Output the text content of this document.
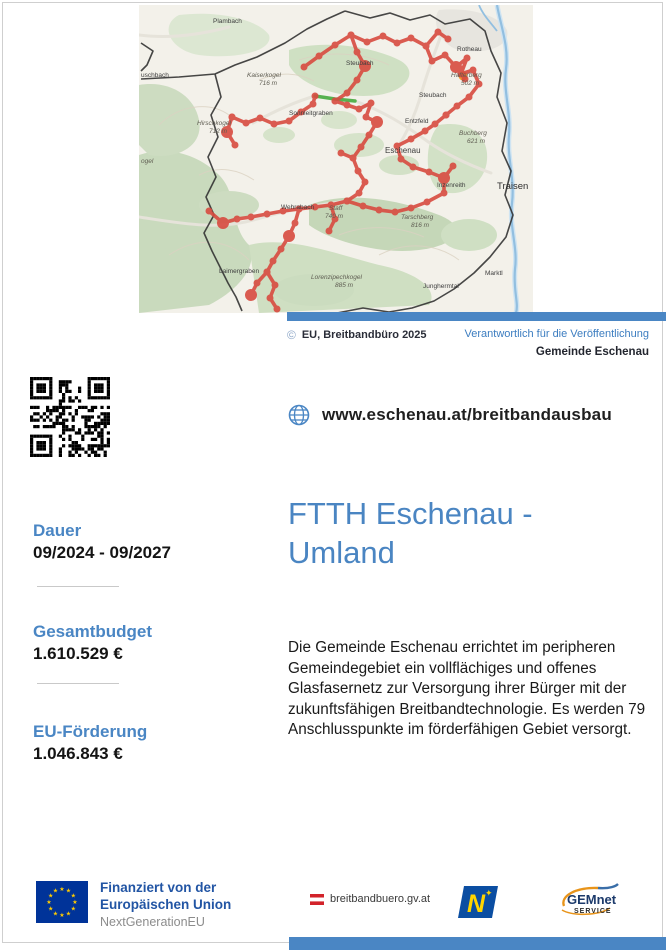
Plambach
Rotheau
Steubach
Hafterberg
502 m
uschbach	Kaiserkogel
716 m
Steubach
Sonnleitgraben
Hirschkogel
712 m
Entzfeld
Buchberg
621 m
Eschenau
ogel
Inzenreith	Traisen
Wehrabach Staff
740 m	Tarschberg
816 m
Laimergraben
Lorenzipechkogel
885 m	Junghermtal
Marktl
© EU, Breitbandbüro 2025	Verantwortlich für die Veröffentlichung
Gemeinde Eschenau
www.eschenau.at/breitbandausbau
Dauer
09/2024 - 09/2027
Gesamtbudget
1.610.529 €
EU-Förderung
1.046.843 €
FTTH Eschenau -
Umland
Die Gemeinde Eschenau errichtet im peripheren Gemeindegebiet ein vollflächiges und offenes Glasfasernetz zur Versorgung ihrer Bürger mit der zukunftsfähigen Breitbandtechnologie. Es werden 79 Anschlusspunkte im förderfähigen Gebiet versorgt.
★ ★
★
★
★
★
★
★
★
★
★
★	Finanziert von der
Europäischen Union
NextGenerationEU
breitbandbuero.gv.at N ✦	GEMnet
SERVICE
